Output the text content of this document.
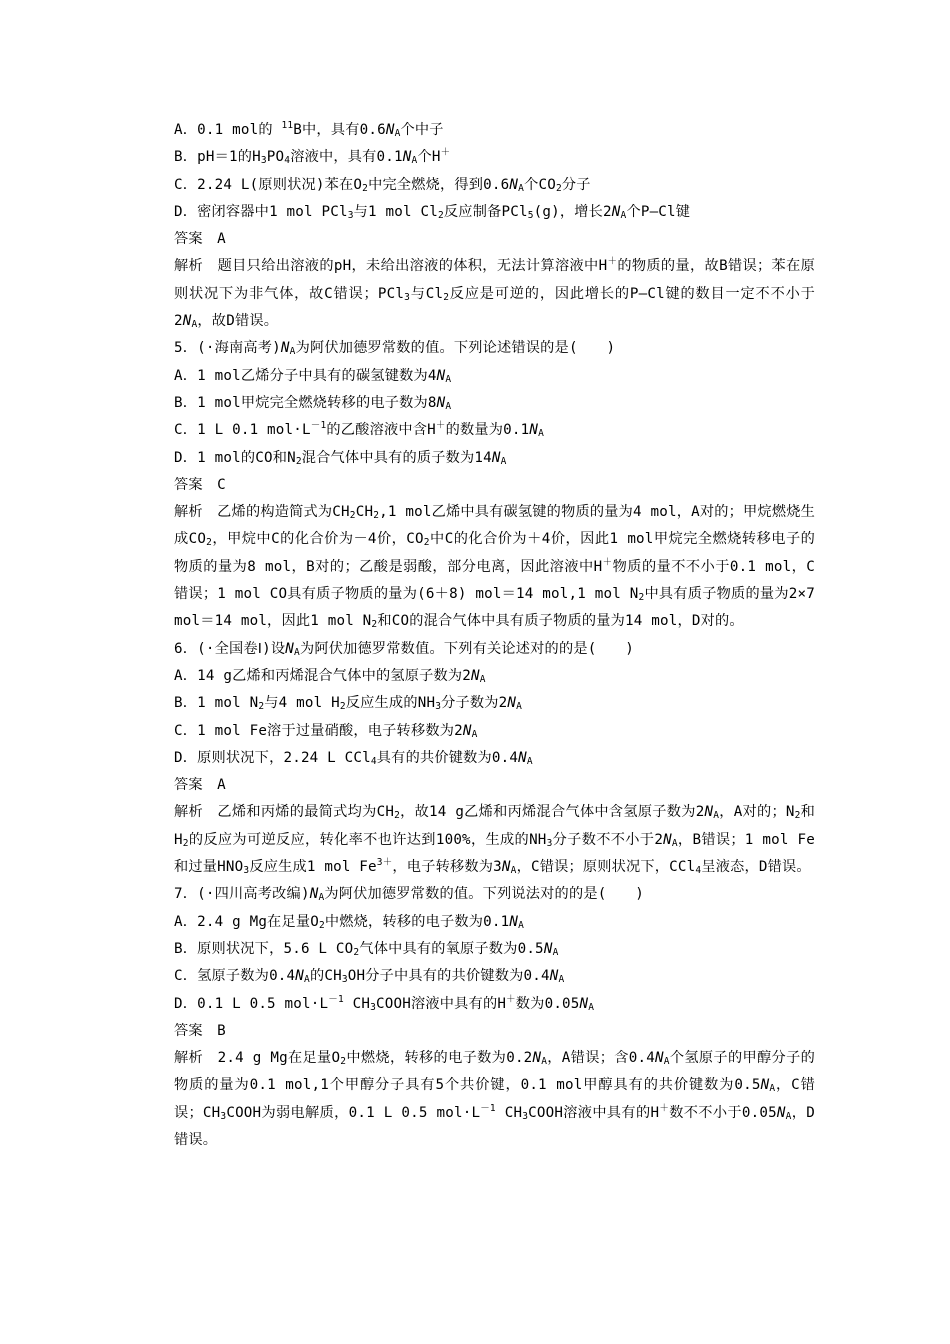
A．0.1 mol的 $^{11}$B中，具有$0.6N_A$个中子

B．pH＝1的$H_3PO_4$溶液中，具有$0.1N_A$个H＋

C．2.24 L(原则状况)苯在$O_2$中完全燃烧，得到$0.6N_A$个$CO_2$分子

D．密闭容器中1 mol PCl$_3$与1 mol $Cl_2$反应制备PCl$_5$(g)，增长$2N_A$个P—Cl键

答案　A

解析　题目只给出溶液的pH，未给出溶液的体积，无法计算溶液中H＋的物质的量，故B错误；苯在原则状况下为非气体，故C错误；PCl$_3$与$Cl_2$反应是可逆的，因此增长的P—Cl键的数目一定不不小于$2N_A$，故D错误。

5．(·海南高考)$N_A$为阿伏加德罗常数的值。下列论述错误的是(　　)

A．1 mol乙烯分子中具有的碳氢键数为$4N_A$

B．1 mol甲烷完全燃烧转移的电子数为$8N_A$

C．1 L 0.1 $mol\cdot L^{-1}$的乙酸溶液中含H＋的数量为$0.1N_A$

D．1 mol的CO和$N_2$混合气体中具有的质子数为$14N_A$

答案　C

解析　乙烯的构造简式为$CH_2CH_2,1$ mol乙烯中具有碳氢键的物质的量为4 mol，A对的；甲烷燃烧生成$CO_2$，甲烷中C的化合价为－4价，$CO_2$中C的化合价为＋4价，因此1 mol甲烷完全燃烧转移电子的物质的量为8 mol，B对的；乙酸是弱酸，部分电离，因此溶液中H＋物质的量不不小于0.1 mol，C错误；1 mol CO具有质子物质的量为(6＋8) mol＝14 mol,1 mol $N_2$中具有质子物质的量为2×7 mol＝14 mol，因此1 mol $N_2$和CO的混合气体中具有质子物质的量为14 mol，D对的。

6．(·全国卷Ⅰ)设$N_A$为阿伏加德罗常数值。下列有关论述对的的是(　　)

A．14 g乙烯和丙烯混合气体中的氢原子数为$2N_A$

B．1 mol $N_2$与4 mol $H_2$反应生成的$NH_3$分子数为$2N_A$

C．1 mol Fe溶于过量硝酸，电子转移数为$2N_A$

D．原则状况下，2.24 L CCl$_4$具有的共价键数为$0.4N_A$

答案　A

解析　乙烯和丙烯的最简式均为$CH_2$，故14 g乙烯和丙烯混合气体中含氢原子数为$2N_A$，A对的；$N_2$和$H_2$的反应为可逆反应，转化率不也许达到100%，生成的$NH_3$分子数不不小于$2N_A$，B错误；1 mol Fe和过量$HNO_3$反应生成1 mol $Fe^{3+}$，电子转移数为$3N_A$，C错误；原则状况下，CCl$_4$呈液态，D错误。

7．(·四川高考改编)$N_A$为阿伏加德罗常数的值。下列说法对的的是(　　)

A．2.4 g Mg在足量$O_2$中燃烧，转移的电子数为$0.1N_A$

B．原则状况下，5.6 L $CO_2$气体中具有的氧原子数为$0.5N_A$

C．氢原子数为$0.4N_A$的$CH_3OH$分子中具有的共价键数为$0.4N_A$

D．0.1 L 0.5 $mol\cdot L^{-1}$ $CH_3COOH$溶液中具有的H＋数为$0.05N_A$

答案　B

解析　2.4 g Mg在足量$O_2$中燃烧，转移的电子数为$0.2N_A$，A错误；含$0.4N_A$个氢原子的甲醇分子的物质的量为0.1 mol,1个甲醇分子具有5个共价键，0.1 mol甲醇具有的共价键数为$0.5N_A$，C错误；$CH_3COOH$为弱电解质，0.1 L 0.5 $mol\cdot L^{-1}$ $CH_3COOH$溶液中具有的H＋数不不小于$0.05N_A$，D错误。
